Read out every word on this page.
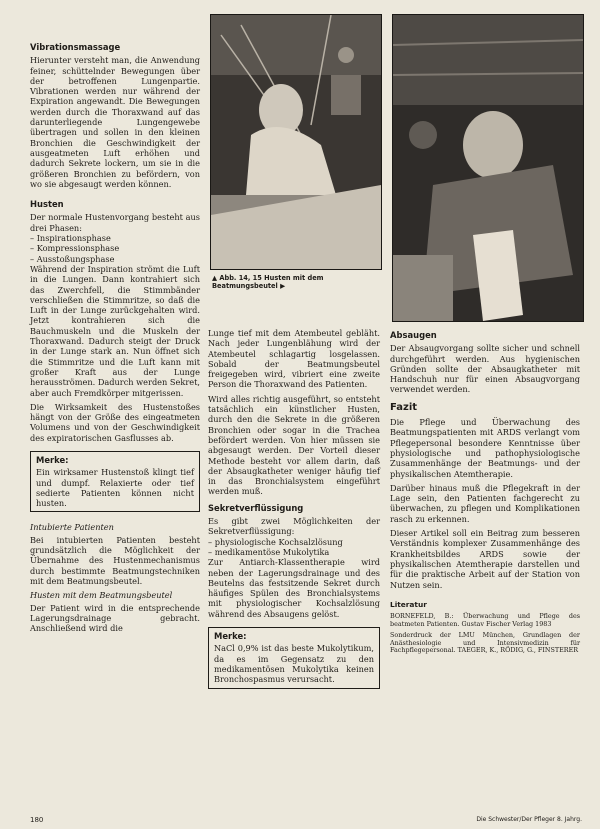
Vibrationsmassage

Hierunter versteht man, die Anwendung feiner, schüttelnder Bewegungen über der betroffenen Lungenpartie. Vibrationen werden nur während der Expiration angewandt. Die Bewegungen werden durch die Thoraxwand auf das darunterliegende Lungengewebe übertragen und sollen in den kleinen Bronchien die Geschwindigkeit der ausgeatmeten Luft erhöhen und dadurch Sekrete lockern, um sie in die größeren Bronchien zu befördern, von wo sie abgesaugt werden können.

Husten

Der normale Hustenvorgang besteht aus drei Phasen:

– Inspirationsphase
– Kompressionsphase
– Ausstoßungsphase

Während der Inspiration strömt die Luft in die Lungen. Dann kontrahiert sich das Zwerchfell, die Stimmbänder verschließen die Stimmritze, so daß die Luft in der Lunge zurückgehalten wird. Jetzt kontrahieren sich die Bauchmuskeln und die Muskeln der Thoraxwand. Dadurch steigt der Druck in der Lunge stark an. Nun öffnet sich die Stimmritze und die Luft kann mit großer Kraft aus der Lunge herausströmen. Dadurch werden Sekret, aber auch Fremdkörper mitgerissen.

Die Wirksamkeit des Hustenstoßes hängt von der Größe des eingeatmeten Volumens und von der Geschwindigkeit des expiratorischen Gasflusses ab.

Merke:

Ein wirksamer Hustenstoß klingt tief und dumpf. Relaxierte oder tief sedierte Patienten können nicht husten.

Intubierte Patienten

Bei intubierten Patienten besteht grundsätzlich die Möglichkeit der Übernahme des Hustenmechanismus durch bestimmte Beatmungstechniken mit dem Beatmungsbeutel.

Husten mit dem Beatmungsbeutel

Der Patient wird in die entsprechende Lagerungsdrainage gebracht. Anschließend wird die

▲ Abb. 14, 15 Husten mit dem Beatmungsbeutel ▶

Lunge tief mit dem Atembeutel gebläht. Nach jeder Lungenblähung wird der Atembeutel schlagartig losgelassen. Sobald der Beatmungsbeutel freigegeben wird, vibriert eine zweite Person die Thoraxwand des Patienten.

Wird alles richtig ausgeführt, so entsteht tatsächlich ein künstlicher Husten, durch den die Sekrete in die größeren Bronchien oder sogar in die Trachea befördert werden. Von hier müssen sie abgesaugt werden. Der Vorteil dieser Methode besteht vor allem darin, daß der Absaugkatheter weniger häufig tief in das Bronchialsystem eingeführt werden muß.

Sekretverflüssigung

Es gibt zwei Möglichkeiten der Sekretverflüssigung:

– physiologische Kochsalzlösung
– medikamentöse Mukolytika

Zur Antiarch-Klassentherapie wird neben der Lagerungsdrainage und des Beutelns das festsitzende Sekret durch häufiges Spülen des Bronchialsystems mit physiologischer Kochsalzlösung während des Absaugens gelöst.

Merke:

NaCl 0,9% ist das beste Mukolytikum, da es im Gegensatz zu den medikamentösen Mukolytika keinen Bronchospasmus verursacht.

Absaugen

Der Absaugvorgang sollte sicher und schnell durchgeführt werden. Aus hygienischen Gründen sollte der Absaugkatheter mit Handschuh nur für einen Absaugvorgang verwendet werden.

Fazit

Die Pflege und Überwachung des Beatmungspatienten mit ARDS verlangt vom Pflegepersonal besondere Kenntnisse über physiologische und pathophysiologische Zusammenhänge der Beatmungs- und der physikalischen Atemtherapie.

Darüber hinaus muß die Pflegekraft in der Lage sein, den Patienten fachgerecht zu überwachen, zu pflegen und Komplikationen rasch zu erkennen.

Dieser Artikel soll ein Beitrag zum besseren Verständnis komplexer Zusammenhänge des Krankheitsbildes ARDS sowie der physikalischen Atemtherapie darstellen und für die praktische Arbeit auf der Station von Nutzen sein.

Literatur

BORNEFELD, B.: Überwachung und Pflege des beatmeten Patienten. Gustav Fischer Verlag 1983

Sonderdruck der LMU München, Grundlagen der Anästhesiologie und Intensivmedizin für Fachpflegepersonal. TAEGER, K., RÖDIG, G., FINSTERER

180	Die Schwester/Der Pfleger 8. Jahrg.
